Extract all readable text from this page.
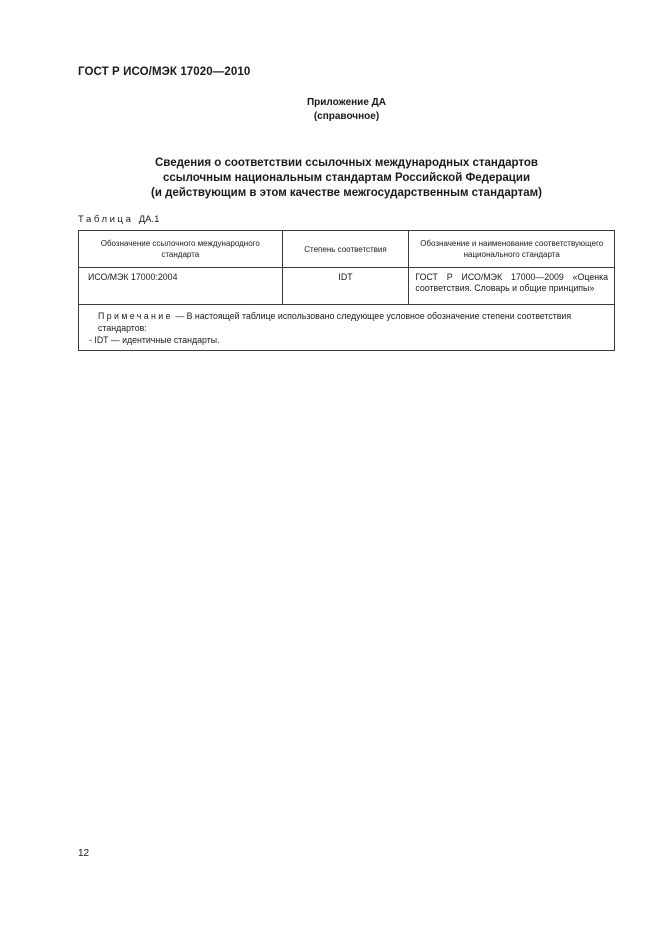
ГОСТ Р ИСО/МЭК 17020—2010
Приложение ДА
(справочное)
Сведения о соответствии ссылочных международных стандартов
ссылочным национальным стандартам Российской Федерации
(и действующим в этом качестве межгосударственным стандартам)
Таблица ДА.1
Обозначение ссылочного международного стандарта	Степень соответствия	Обозначение и наименование соответствующего национального стандарта
ИСО/МЭК 17000:2004	IDT	ГОСТ Р ИСО/МЭК 17000—2009 «Оценка соответствия. Словарь и общие принципы»

Примечание — В настоящей таблице использовано следующее условное обозначение степени соответствия стандартов:
- IDT — идентичные стандарты.		
12
